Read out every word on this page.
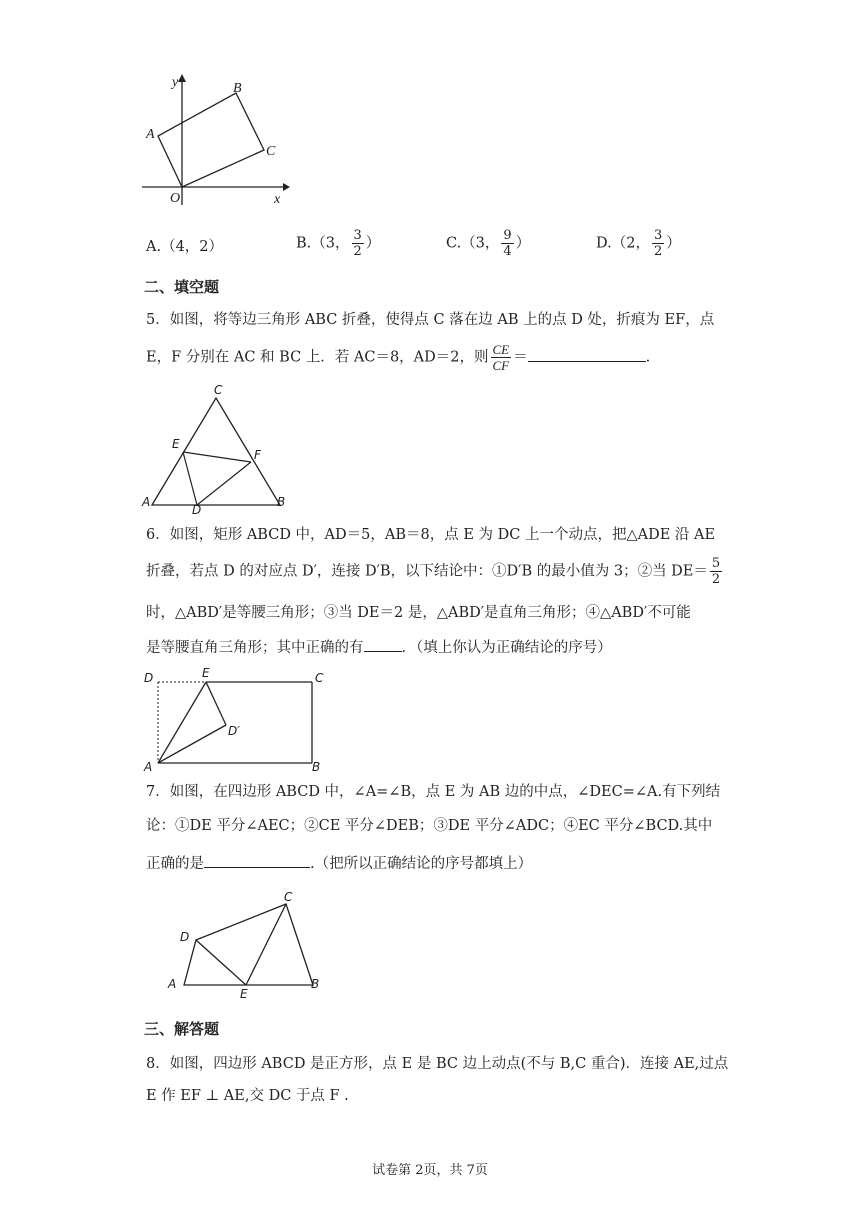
y
x
O
A
B
C
A.（4，2）	B.（3， $\frac{3}{2}$ ）	C.（3， $\frac{9}{4}$ ）	D.（2， $\frac{3}{2}$ ）
二、填空题
5．如图，将等边三角形 ABC 折叠，使得点 C 落在边 AB 上的点 D 处，折痕为 EF，点
E，F 分别在 AC 和 BC 上．若 AC＝8，AD＝2，则 $\frac{CE}{CF}$ ＝	.
C
E
F
A
D
B
6．如图，矩形 ABCD 中，AD＝5，AB＝8，点 E 为 DC 上一个动点，把△ADE 沿 AE
折叠，若点 D 的对应点 D′，连接 D′B，以下结论中：①D′B 的最小值为 3；②当 $DE= \frac{5}{2}$
时，△ABD′是等腰三角形；③当 DE＝2 是，△ABD′是直角三角形；④△ABD′不可能
是等腰直角三角形；其中正确的有	．（填上你认为正确结论的序号）
D	E	C
D′
A	B
7．如图，在四边形 ABCD 中，∠A=∠B，点 E 为 AB 边的中点，∠DEC=∠A.有下列结
论：①DE 平分∠AEC；②CE 平分∠DEB；③DE 平分∠ADC；④EC 平分∠BCD.其中
正确的是	.（把所以正确结论的序号都填上）
C
D
A
E
B
三、解答题
8．如图，四边形 ABCD 是正方形，点 E 是 BC 边上动点(不与 B,C 重合)．连接 AE,过点
E 作 EF ⊥ AE,交 DC 于点 F .
试卷第 2页，共 7页
